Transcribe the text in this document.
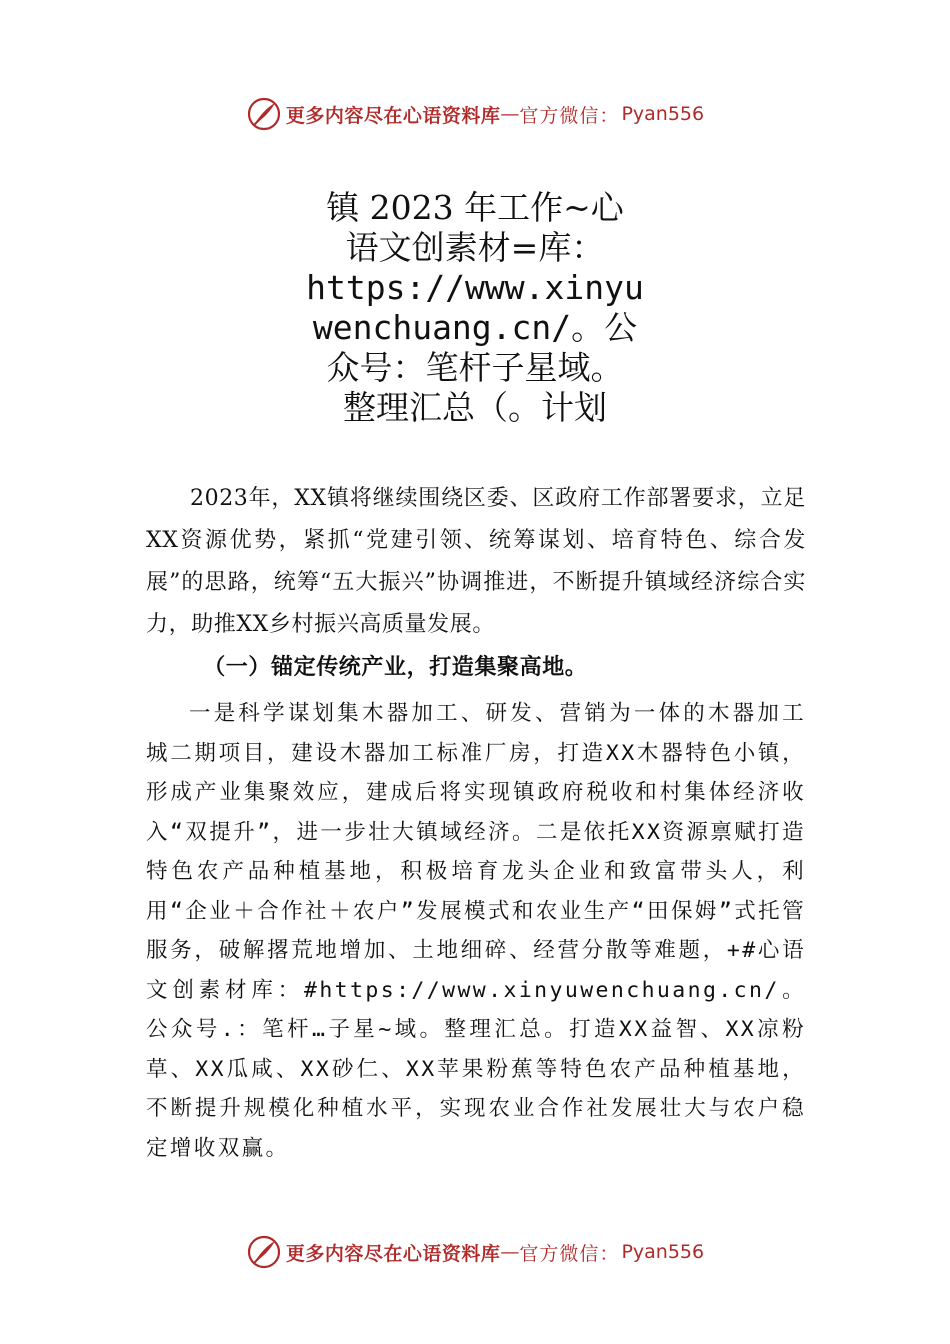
更多内容尽在心语资料库 — 官方微信： Pyan556
镇 2023 年工作~心
语文创素材=库：
https://www.xinyu
wenchuang.cn/。公
众号：笔杆子星域。
整理汇总（。计划

2023年，XX镇将继续围绕区委、区政府工作部署要求，立足XX资源优势，紧抓“党建引领、统筹谋划、培育特色、综合发展”的思路，统筹“五大振兴”协调推进，不断提升镇域经济综合实力，助推XX乡村振兴高质量发展。

（一）锚定传统产业，打造集聚高地。

一是科学谋划集木器加工、研发、营销为一体的木器加工城二期项目，建设木器加工标准厂房，打造XX木器特色小镇，形成产业集聚效应，建成后将实现镇政府税收和村集体经济收入“双提升”，进一步壮大镇域经济。二是依托XX资源禀赋打造特色农产品种植基地，积极培育龙头企业和致富带头人，利用“企业＋合作社＋农户”发展模式和农业生产“田保姆”式托管服务，破解撂荒地增加、土地细碎、经营分散等难题，+#心语文创素材库：#https://www.xinyuwenchuang.cn/。公众号.：笔杆…子星~域。整理汇总。打造XX益智、XX凉粉草、XX瓜咸、XX砂仁、XX苹果粉蕉等特色农产品种植基地，不断提升规模化种植水平，实现农业合作社发展壮大与农户稳定增收双赢。

更多内容尽在心语资料库 — 官方微信： Pyan556
